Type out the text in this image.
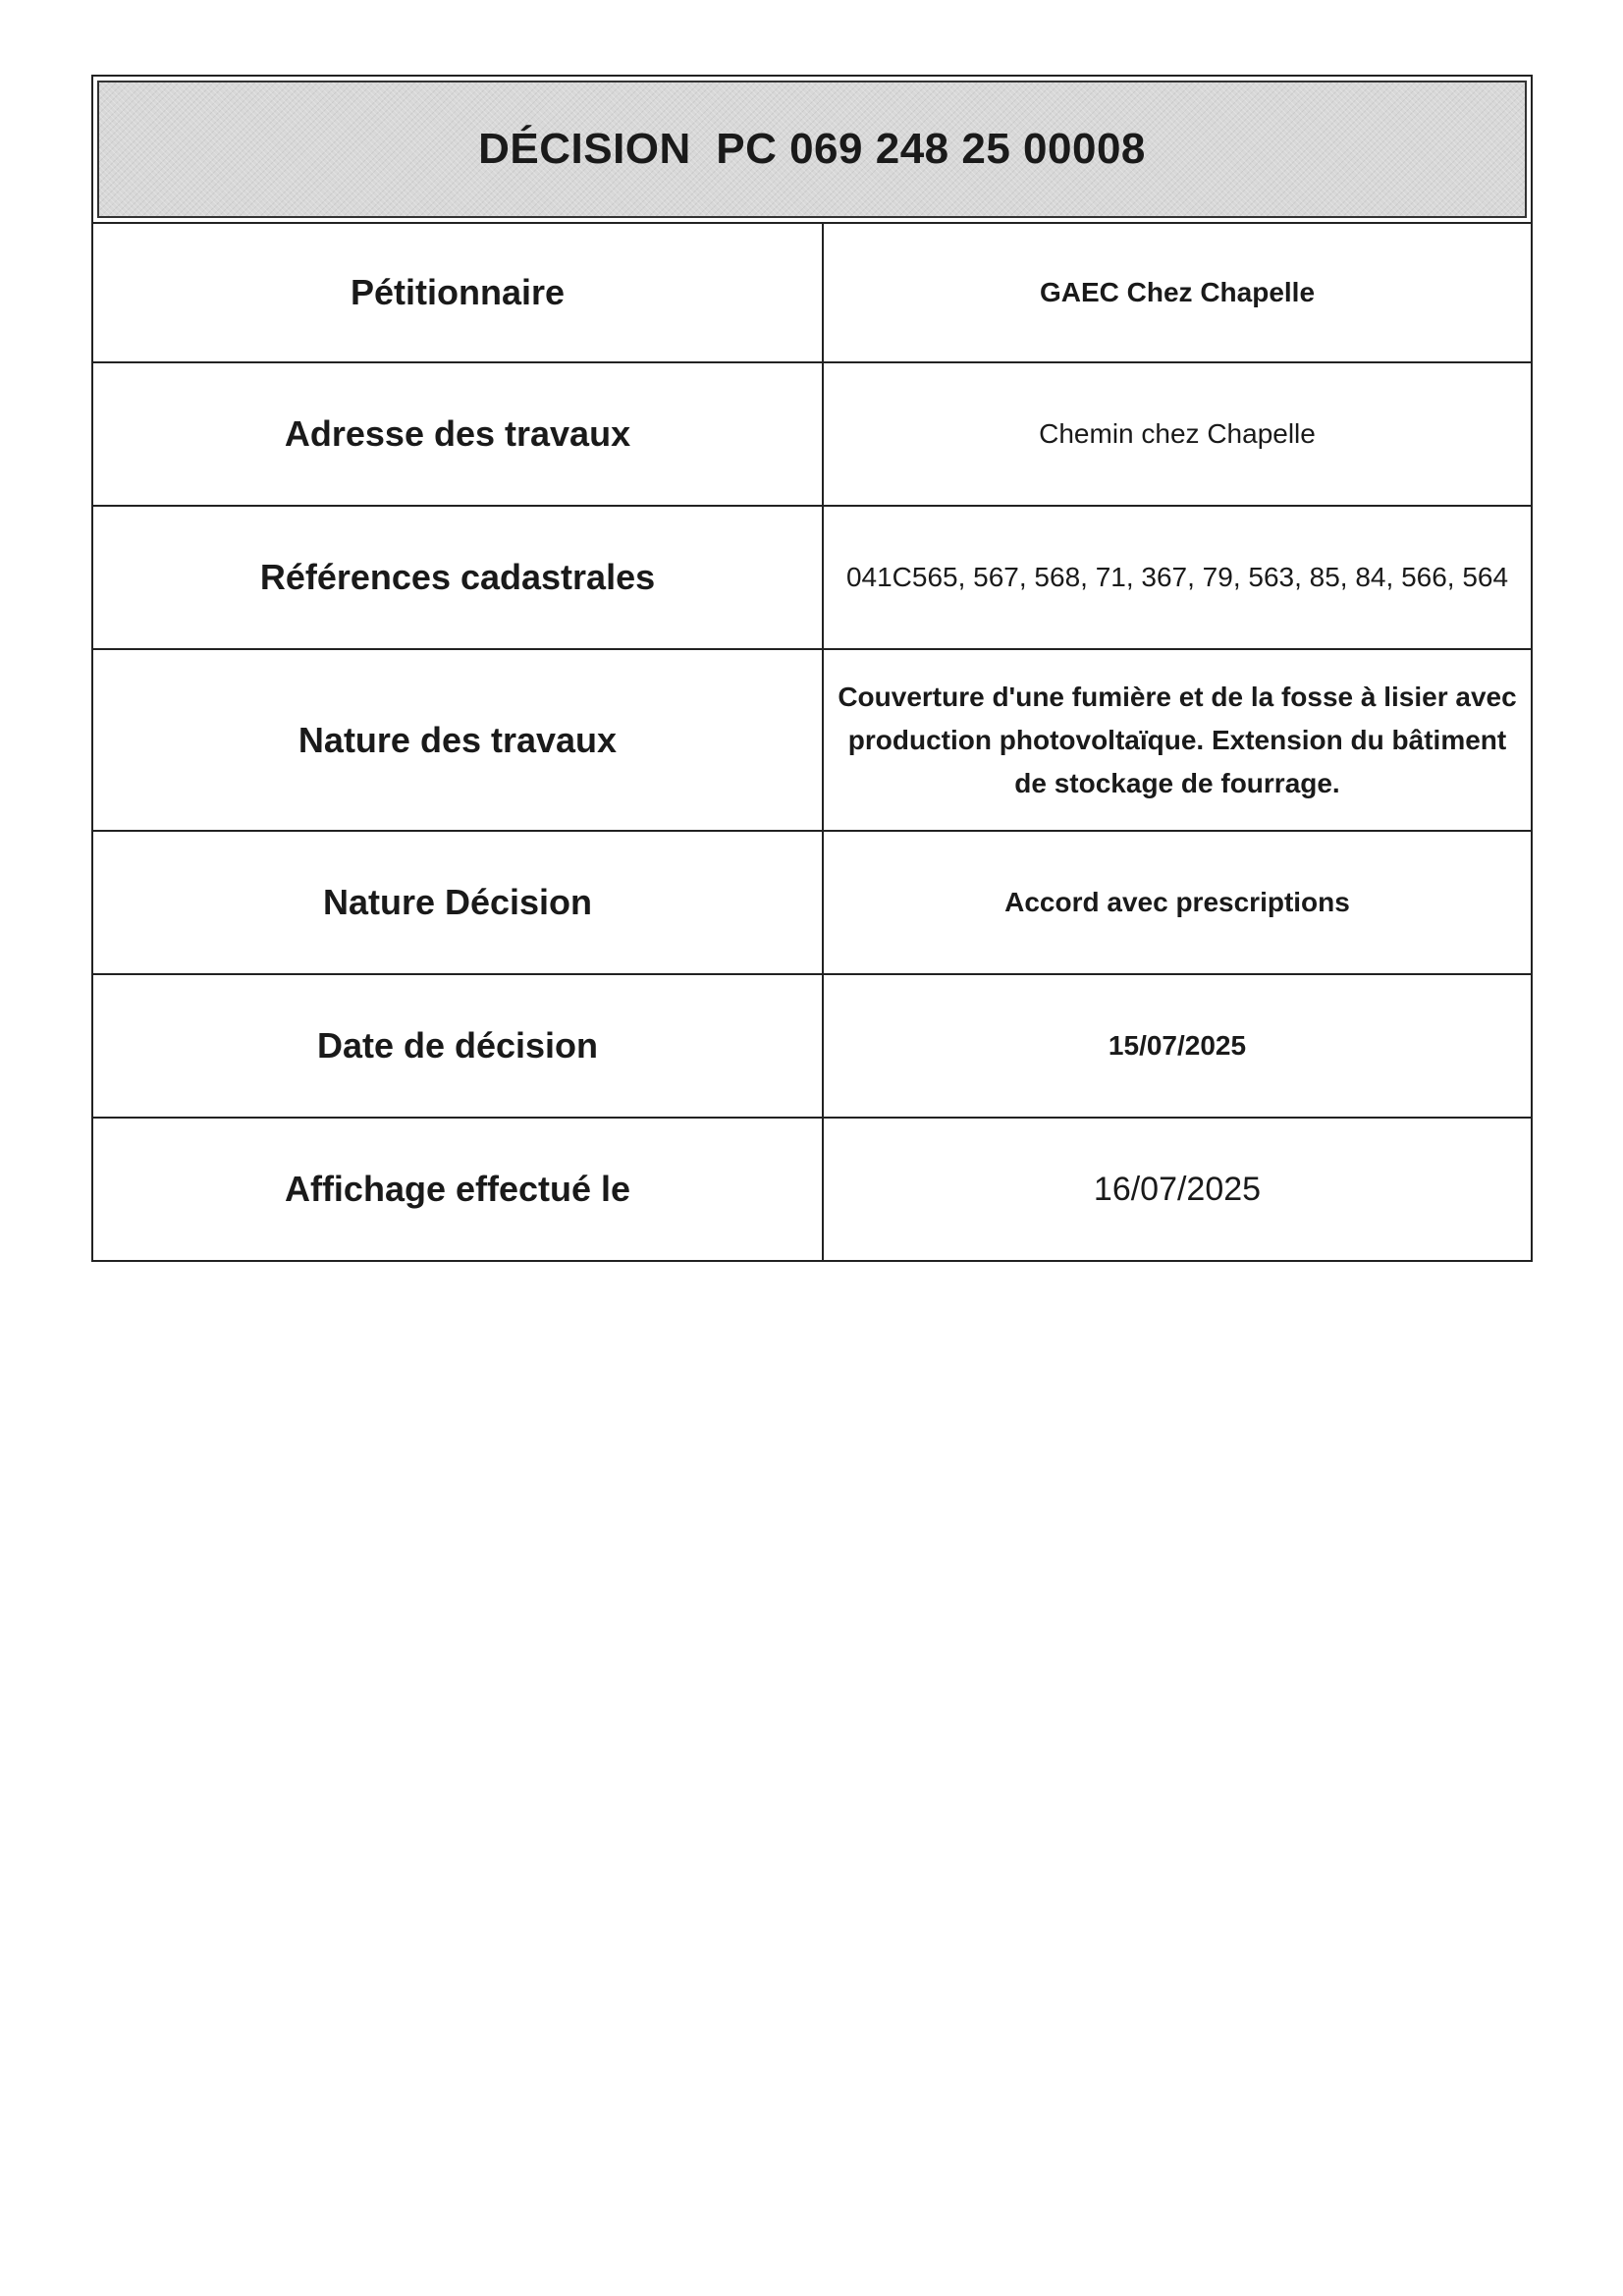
DÉCISION  PC 069 248 25 00008
Pétitionnaire	GAEC Chez Chapelle
Adresse des travaux	Chemin chez Chapelle
Références cadastrales	041C565, 567, 568, 71, 367, 79, 563, 85, 84, 566, 564
Nature des travaux	Couverture d'une fumière et de la fosse à lisier avec production photovoltaïque. Extension du bâtiment de stockage de fourrage.
Nature Décision	Accord avec prescriptions
Date de décision	15/07/2025
Affichage effectué le	16/07/2025
